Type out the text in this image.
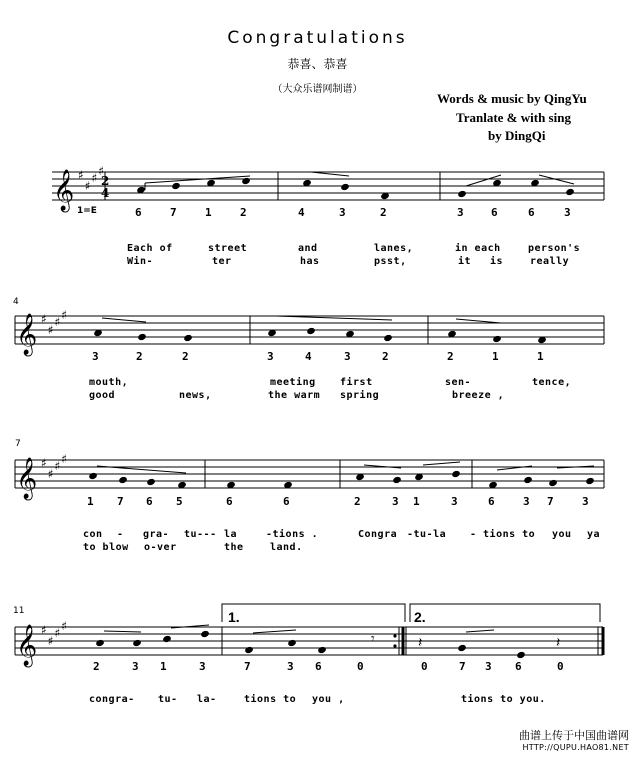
Congratulations
恭喜、恭喜
（大众乐谱网制谱）
Words & music by QingYu
Tranlate & with sing
by DingQi
𝄞
𝄞
𝄞
𝄞
♯
♯
♯ ♯
♯
♯
♯ ♯
♯
♯
♯ ♯
♯
♯
♯ ♯
2
4
𝄾	𝄽	𝄽
1.	2.
1=E	6	7	1	2	4	3	2	3 6	6	3
Each of	street	and	lanes,	in each	person's
Win-	ter	has	psst,	it is	really
4
3	2	2	3	4	3	2	2	1	1
mouth,	meeting first	sen-	tence,
good	news,	the warm spring	breeze ,
7
1 7 6 5	6	6	2	3 1	3	6	3 7	3
con - gra- tu--- la	-tions .	Congra -tu-la - tions to you ya
to blow o-ver	the	land.
11
2	3 1	3	7	3 6	0	0	7 3 6	0
congra- tu- la-	tions to you ,	tions to you.
曲谱上传于中国曲谱网
HTTP://QUPU.HAO81.NET
